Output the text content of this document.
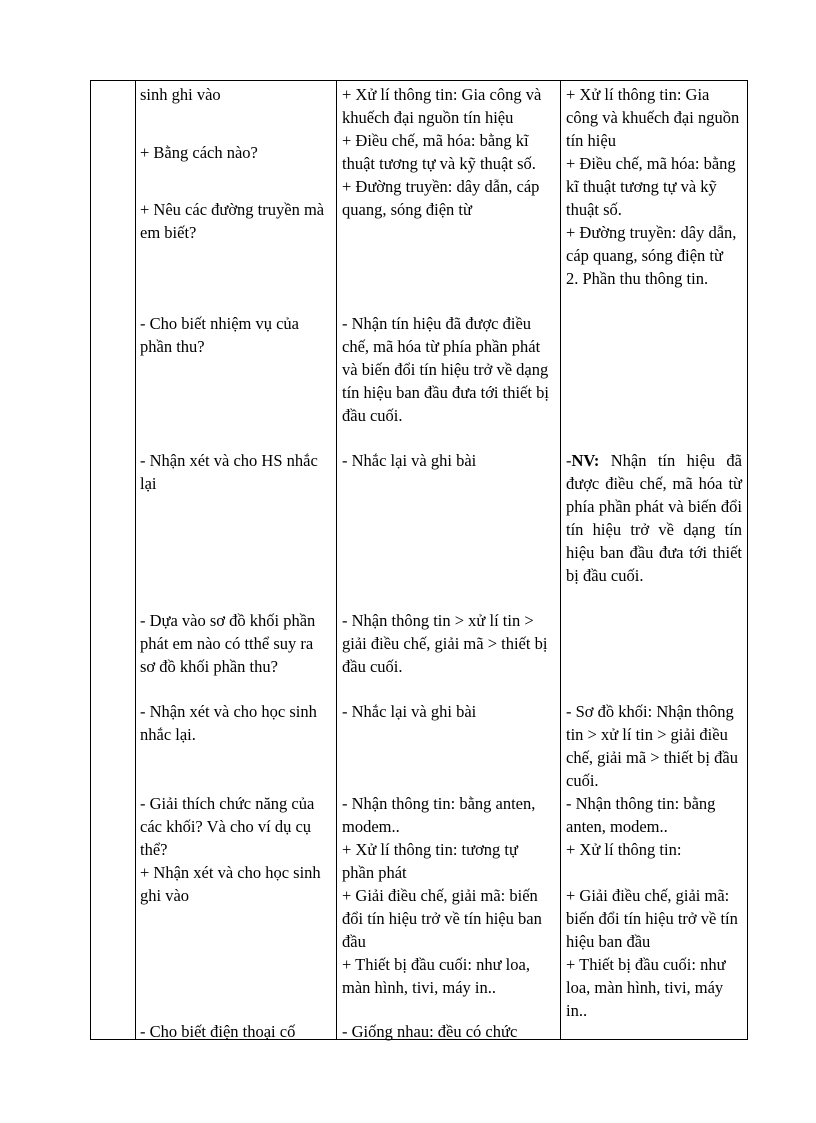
sinh ghi vào

+ Bằng cách nào?

+ Nêu các đường truyền mà em biết?

- Cho biết nhiệm vụ của phần thu?

- Nhận xét và cho HS nhắc lại

- Dựa vào sơ đồ khối phần phát em nào có tthể suy ra sơ đồ khối phần thu?

- Nhận xét và cho học sinh nhắc lại.

- Giải thích chức năng của các khối? Và cho ví dụ cụ thể?

+ Nhận xét và cho học sinh ghi vào

- Cho biết điện thoại cố

+ Xử lí thông tin: Gia công và khuếch đại nguồn tín hiệu

+ Điều chế, mã hóa: bằng kĩ thuật tương tự và kỹ thuật số.

+ Đường truyền: dây dẫn, cáp quang, sóng điện từ

- Nhận tín hiệu đã được điều chế, mã hóa từ phía phần phát và biến đổi tín hiệu trở về dạng tín hiệu ban đầu đưa tới thiết bị đầu cuối.

- Nhắc lại và ghi bài

- Nhận thông tin > xử lí tin > giải điều chế, giải mã > thiết bị đầu cuối.

- Nhắc lại và ghi bài

- Nhận thông tin: bằng anten, modem..

+ Xử lí thông tin: tương tự phần phát

+ Giải điều chế, giải mã: biến đổi tín hiệu trở về tín hiệu ban đầu

+ Thiết bị đầu cuối: như loa, màn hình, tivi, máy in..

- Giống nhau: đều có chức

+ Xử lí thông tin: Gia công và khuếch đại nguồn tín hiệu

+ Điều chế, mã hóa: bằng kĩ thuật tương tự và kỹ thuật số.

+ Đường truyền: dây dẫn, cáp quang, sóng điện từ

2. Phần thu thông tin.

-NV: Nhận tín hiệu đã được điều chế, mã hóa từ phía phần phát và biến đổi tín hiệu trở về dạng tín hiệu ban đầu đưa tới thiết bị đầu cuối.

- Sơ đồ khối: Nhận thông tin > xử lí tin > giải điều chế, giải mã > thiết bị đầu cuối.

- Nhận thông tin: bằng anten, modem..

+ Xử lí thông tin:

+ Giải điều chế, giải mã: biến đổi tín hiệu trở về tín hiệu ban đầu

+ Thiết bị đầu cuối: như loa, màn hình, tivi, máy in..
